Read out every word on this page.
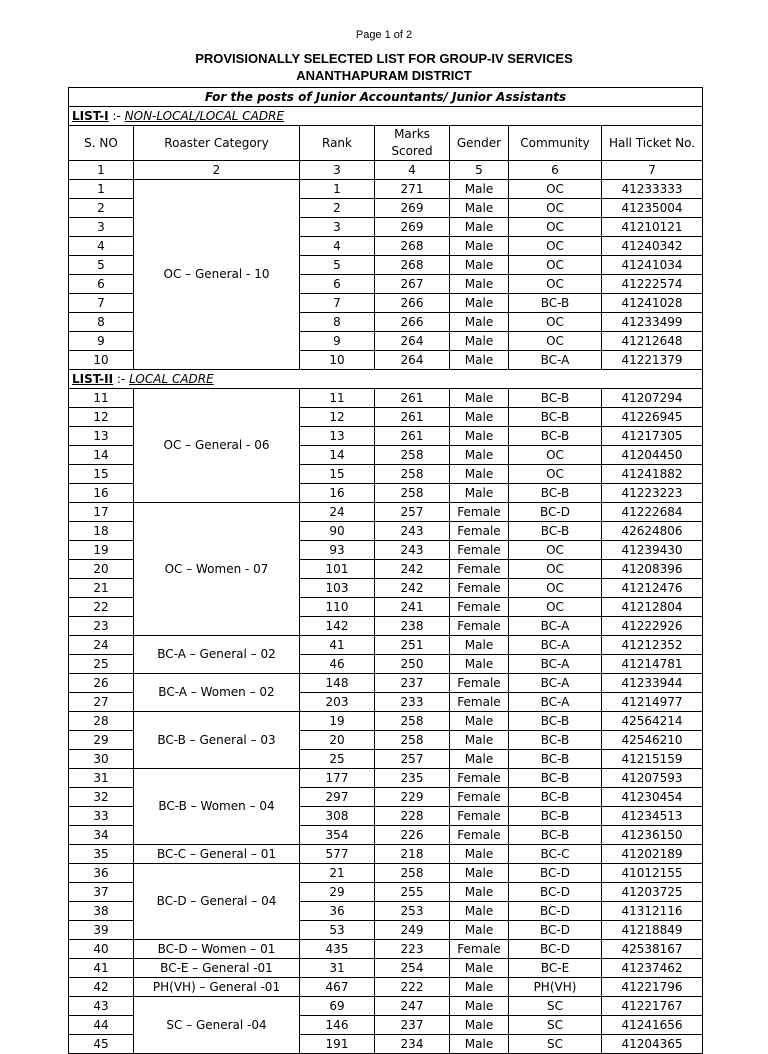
Page 1 of 2
PROVISIONALLY SELECTED LIST FOR GROUP-IV SERVICES
ANANTHAPURAM DISTRICT
For the posts of Junior Accountants/ Junior Assistants						
LIST-I :- NON-LOCAL/LOCAL CADRE						
S. NO	Roaster Category	Rank	Marks Scored	Gender	Community	Hall Ticket No.
1	2	3	4	5	6	7
1	OC – General - 10	1	271	Male	OC	41233333
2		2	269	Male	OC	41235004
3		3	269	Male	OC	41210121
4		4	268	Male	OC	41240342
5		5	268	Male	OC	41241034
6		6	267	Male	OC	41222574
7		7	266	Male	BC-B	41241028
8		8	266	Male	OC	41233499
9		9	264	Male	OC	41212648
10		10	264	Male	BC-A	41221379
LIST-II :- LOCAL CADRE						
11	OC – General - 06	11	261	Male	BC-B	41207294
12		12	261	Male	BC-B	41226945
13		13	261	Male	BC-B	41217305
14		14	258	Male	OC	41204450
15		15	258	Male	OC	41241882
16		16	258	Male	BC-B	41223223
17	OC – Women - 07	24	257	Female	BC-D	41222684
18		90	243	Female	BC-B	42624806
19		93	243	Female	OC	41239430
20		101	242	Female	OC	41208396
21		103	242	Female	OC	41212476
22		110	241	Female	OC	41212804
23		142	238	Female	BC-A	41222926
24	BC-A – General – 02	41	251	Male	BC-A	41212352
25		46	250	Male	BC-A	41214781
26	BC-A – Women – 02	148	237	Female	BC-A	41233944
27		203	233	Female	BC-A	41214977
28	BC-B – General – 03	19	258	Male	BC-B	42564214
29		20	258	Male	BC-B	42546210
30		25	257	Male	BC-B	41215159
31	BC-B – Women – 04	177	235	Female	BC-B	41207593
32		297	229	Female	BC-B	41230454
33		308	228	Female	BC-B	41234513
34		354	226	Female	BC-B	41236150
35	BC-C – General – 01	577	218	Male	BC-C	41202189
36	BC-D – General – 04	21	258	Male	BC-D	41012155
37		29	255	Male	BC-D	41203725
38		36	253	Male	BC-D	41312116
39		53	249	Male	BC-D	41218849
40	BC-D – Women – 01	435	223	Female	BC-D	42538167
41	BC-E – General -01	31	254	Male	BC-E	41237462
42	PH(VH) – General -01	467	222	Male	PH(VH)	41221796
43	SC – General -04	69	247	Male	SC	41221767
44		146	237	Male	SC	41241656
45		191	234	Male	SC	41204365
